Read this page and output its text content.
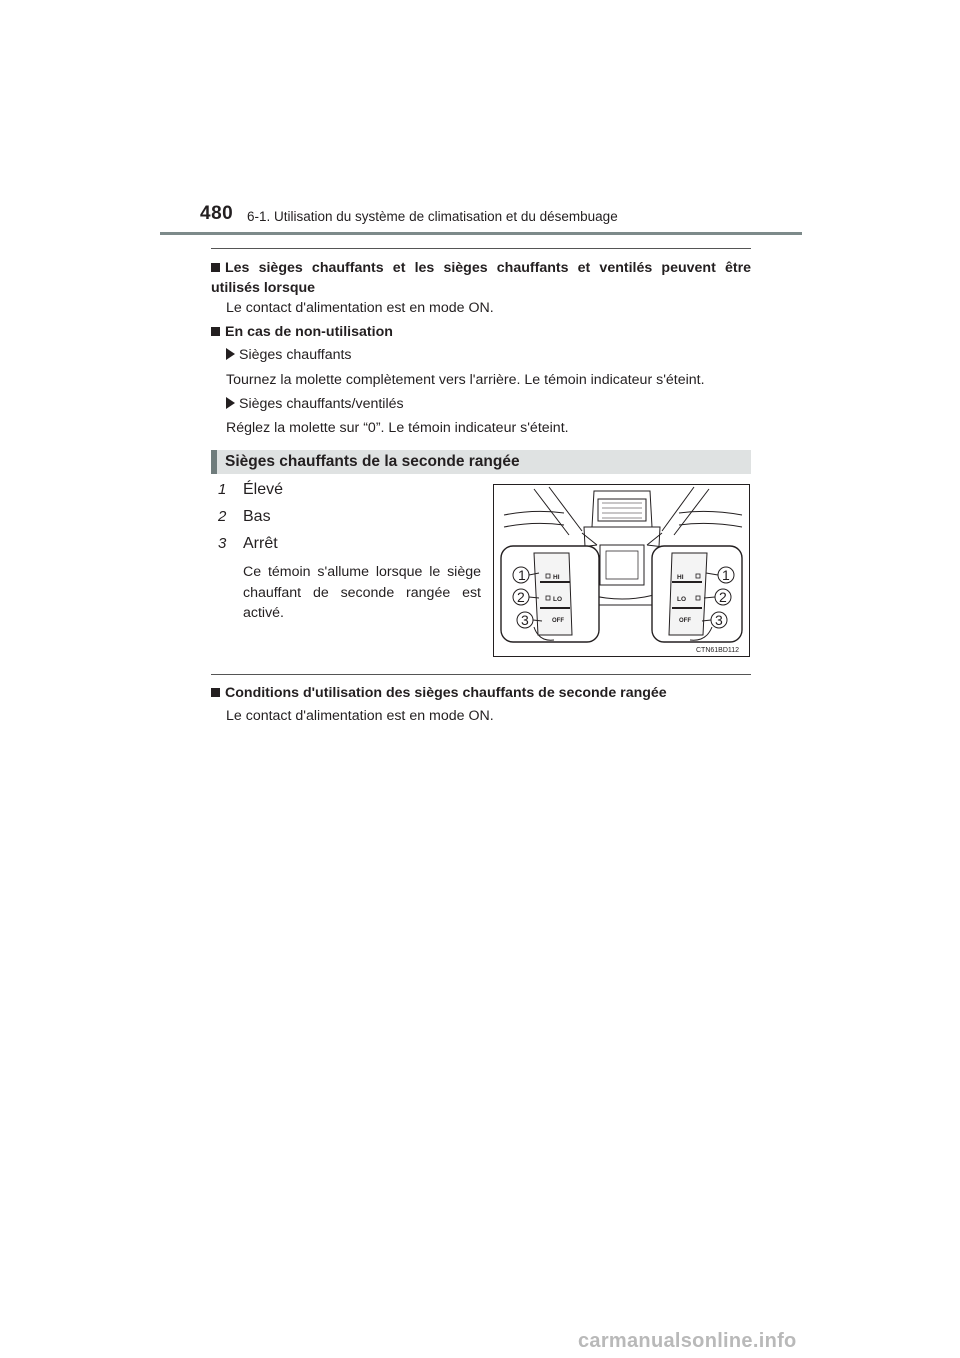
480 6-1. Utilisation du système de climatisation et du désembuage
Les sièges chauffants et les sièges chauffants et ventilés peuvent être utilisés lorsque
Le contact d'alimentation est en mode ON.
En cas de non-utilisation
Sièges chauffants
Tournez la molette complètement vers l'arrière. Le témoin indicateur s'éteint.
Sièges chauffants/ventilés
Réglez la molette sur “0”. Le témoin indicateur s'éteint.
Sièges chauffants de la seconde rangée
1 Élevé
2 Bas
3 Arrêt
Ce témoin s'allume lorsque le siège chauffant de seconde rangée est activé.
1
2
3
1
2
3
HI
LO
OFF
HI
LO
OFF
CTN61BD112
Conditions d'utilisation des sièges chauffants de seconde rangée
Le contact d'alimentation est en mode ON.
carmanualsonline.info
